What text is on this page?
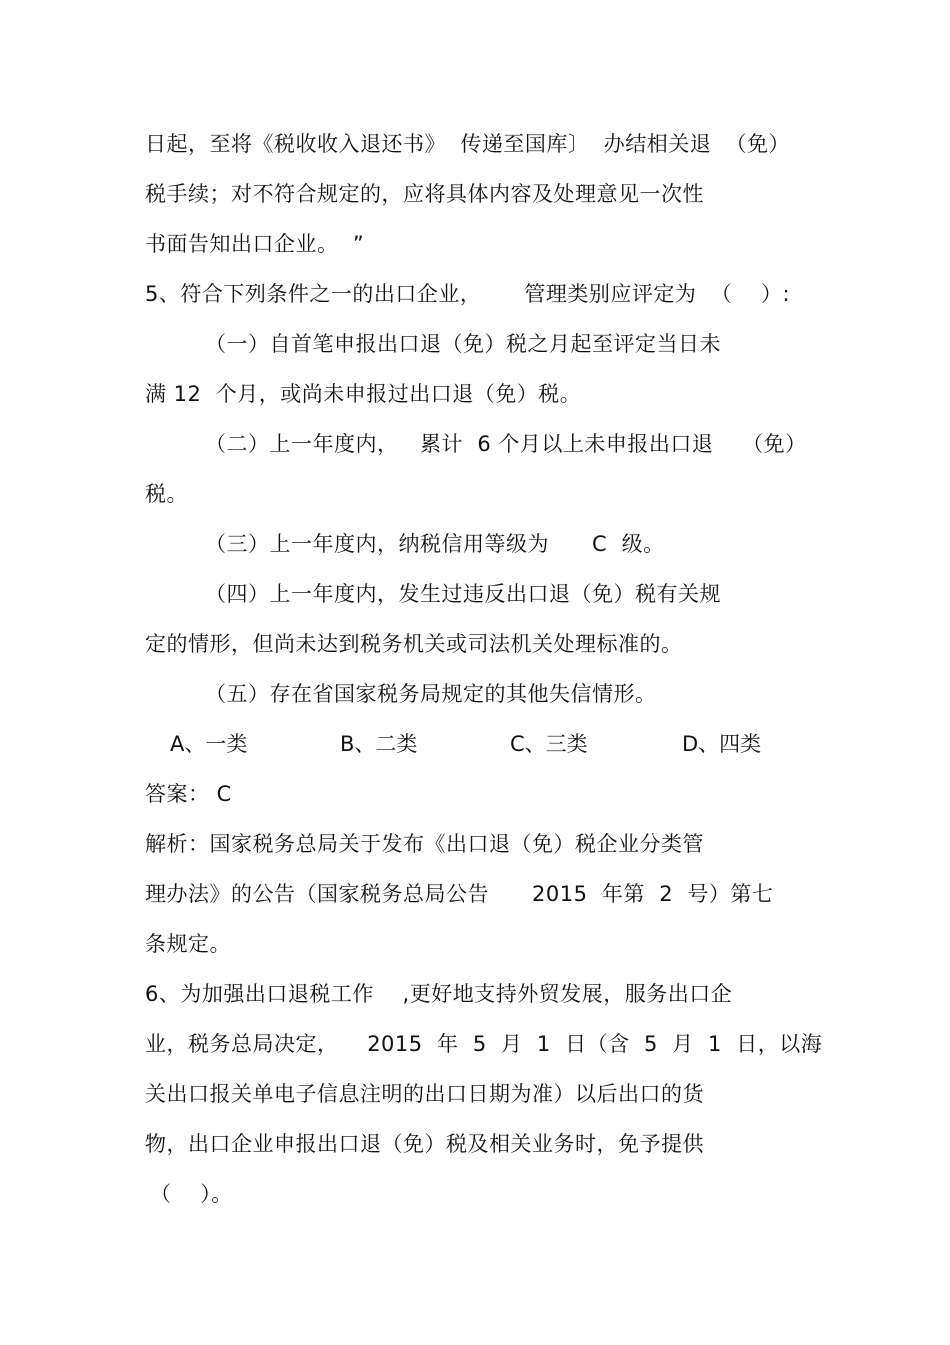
日起，至将《税收收入退还书》  传递至国库〕  办结相关退  （免）
税手续；对不符合规定的，应将具体内容及处理意见一次性
书面告知出口企业。  ”
5、符合下列条件之一的出口企业，      管理类别应评定为  （    ）:
（一）自首笔申报出口退（免）税之月起至评定当日未
满 12  个月，或尚未申报过出口退（免）税。
（二）上一年度内，   累计  6 个月以上未申报出口退    （免）
税。
（三）上一年度内，纳税信用等级为      C  级。
（四）上一年度内，发生过违反出口退（免）税有关规
定的情形，但尚未达到税务机关或司法机关处理标准的。
（五）存在省国家税务局规定的其他失信情形。
A、一类	B、二类	C、三类	D、四类
答案： C
解析：国家税务总局关于发布《出口退（免）税企业分类管
理办法》的公告（国家税务总局公告      2015  年第  2  号）第七
条规定。
6、为加强出口退税工作    ,更好地支持外贸发展，服务出口企
业，税务总局决定，    2015  年  5  月  1  日（含  5  月  1  日，以海
关出口报关单电子信息注明的出口日期为准）以后出口的货
物，出口企业申报出口退（免）税及相关业务时，免予提供
（    ）。
